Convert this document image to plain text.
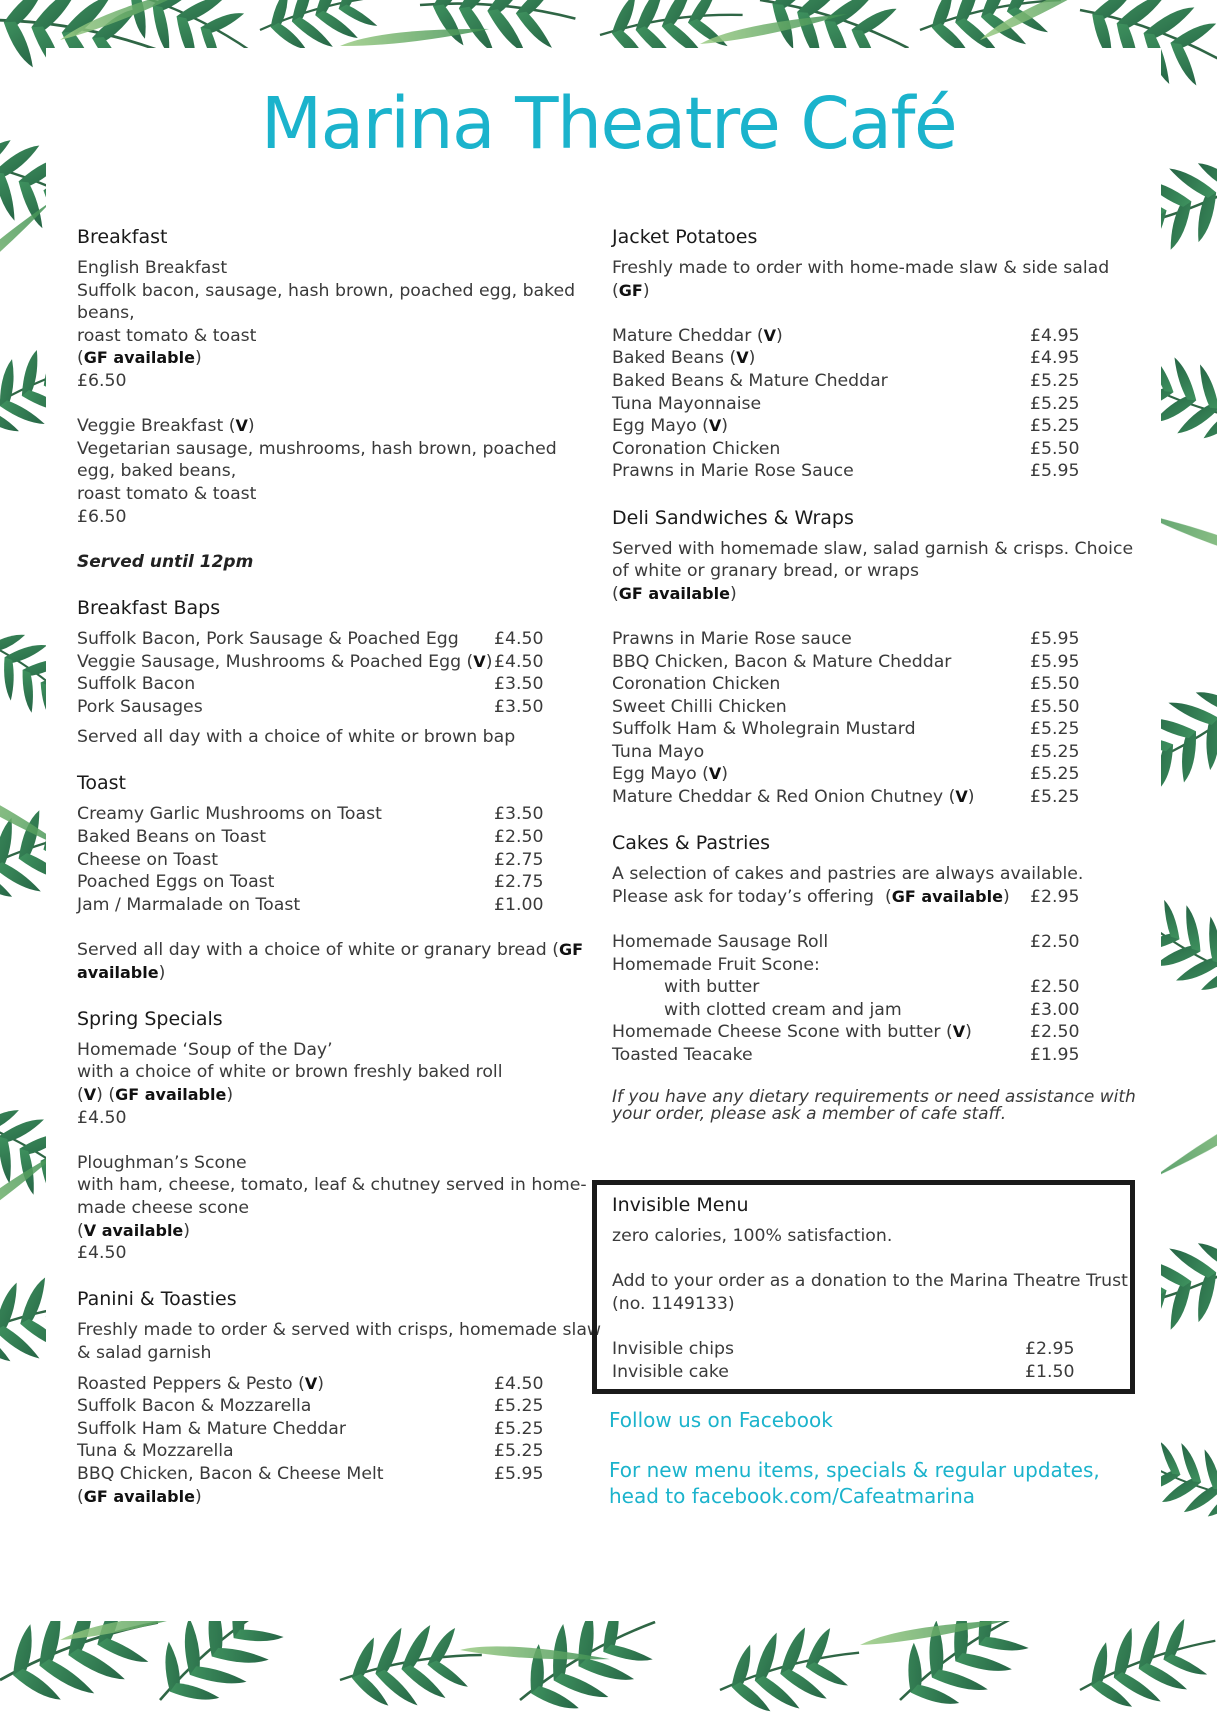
Marina Theatre Café
Breakfast
English Breakfast
Suffolk bacon, sausage, hash brown, poached egg, baked
beans,
roast tomato & toast
(GF available)
£6.50
Veggie Breakfast (V)
Vegetarian sausage, mushrooms, hash brown, poached
egg, baked beans,
roast tomato & toast
£6.50
Served until 12pm
Breakfast Baps
Suffolk Bacon, Pork Sausage & Poached Egg £4.50
Veggie Sausage, Mushrooms & Poached Egg (V) £4.50
Suffolk Bacon	£3.50
Pork Sausages	£3.50
Served all day with a choice of white or brown bap
Toast
Creamy Garlic Mushrooms on Toast	£3.50
Baked Beans on Toast	£2.50
Cheese on Toast	£2.75
Poached Eggs on Toast	£2.75
Jam / Marmalade on Toast	£1.00
Served all day with a choice of white or granary bread (GF
available)
Spring Specials
Homemade ‘Soup of the Day’
with a choice of white or brown freshly baked roll
(V) (GF available)
£4.50
Ploughman’s Scone
with ham, cheese, tomato, leaf & chutney served in home-
made cheese scone
(V available)
£4.50
Panini & Toasties
Freshly made to order & served with crisps, homemade slaw
& salad garnish
Roasted Peppers & Pesto (V)	£4.50
Suffolk Bacon & Mozzarella	£5.25
Suffolk Ham & Mature Cheddar	£5.25
Tuna & Mozzarella	£5.25
BBQ Chicken, Bacon & Cheese Melt	£5.95
(GF available)
Jacket Potatoes
Freshly made to order with home-made slaw & side salad
(GF)
Mature Cheddar (V)	£4.95
Baked Beans (V)	£4.95
Baked Beans & Mature Cheddar	£5.25
Tuna Mayonnaise	£5.25
Egg Mayo (V)	£5.25
Coronation Chicken	£5.50
Prawns in Marie Rose Sauce	£5.95
Deli Sandwiches & Wraps
Served with homemade slaw, salad garnish & crisps. Choice
of white or granary bread, or wraps
(GF available)
Prawns in Marie Rose sauce	£5.95
BBQ Chicken, Bacon & Mature Cheddar	£5.95
Coronation Chicken	£5.50
Sweet Chilli Chicken	£5.50
Suffolk Ham & Wholegrain Mustard	£5.25
Tuna Mayo	£5.25
Egg Mayo (V)	£5.25
Mature Cheddar & Red Onion Chutney (V)	£5.25
Cakes & Pastries
A selection of cakes and pastries are always available.
Please ask for today’s offering  (GF available) £2.95
Homemade Sausage Roll	£2.50
Homemade Fruit Scone:
with butter	£2.50
with clotted cream and jam	£3.00
Homemade Cheese Scone with butter (V)	£2.50
Toasted Teacake	£1.95
If you have any dietary requirements or need assistance with
your order, please ask a member of cafe staff.
Invisible Menu
zero calories, 100% satisfaction.
Add to your order as a donation to the Marina Theatre Trust
(no. 1149133)
Invisible chips	£2.95
Invisible cake	£1.50
Follow us on Facebook
For new menu items, specials & regular updates,
head to facebook.com/Cafeatmarina
